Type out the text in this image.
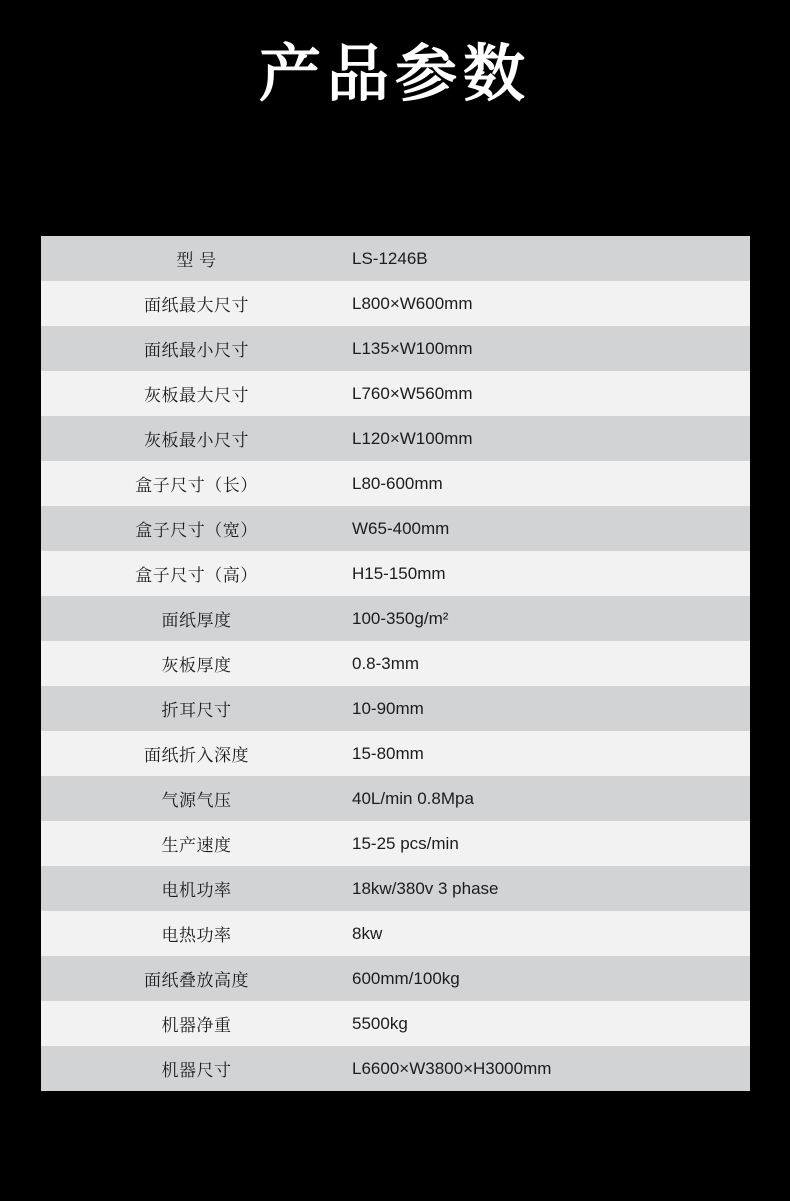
产品参数
型 号	LS-1246B
面纸最大尺寸	L800×W600mm
面纸最小尺寸	L135×W100mm
灰板最大尺寸	L760×W560mm
灰板最小尺寸	L120×W100mm
盒子尺寸（长）	L80-600mm
盒子尺寸（宽）	W65-400mm
盒子尺寸（高）	H15-150mm
面纸厚度	100-350g/m²
灰板厚度	0.8-3mm
折耳尺寸	10-90mm
面纸折入深度	15-80mm
气源气压	40L/min 0.8Mpa
生产速度	15-25 pcs/min
电机功率	18kw/380v 3 phase
电热功率	8kw
面纸叠放高度	600mm/100kg
机器净重	5500kg
机器尺寸	L6600×W3800×H3000mm
